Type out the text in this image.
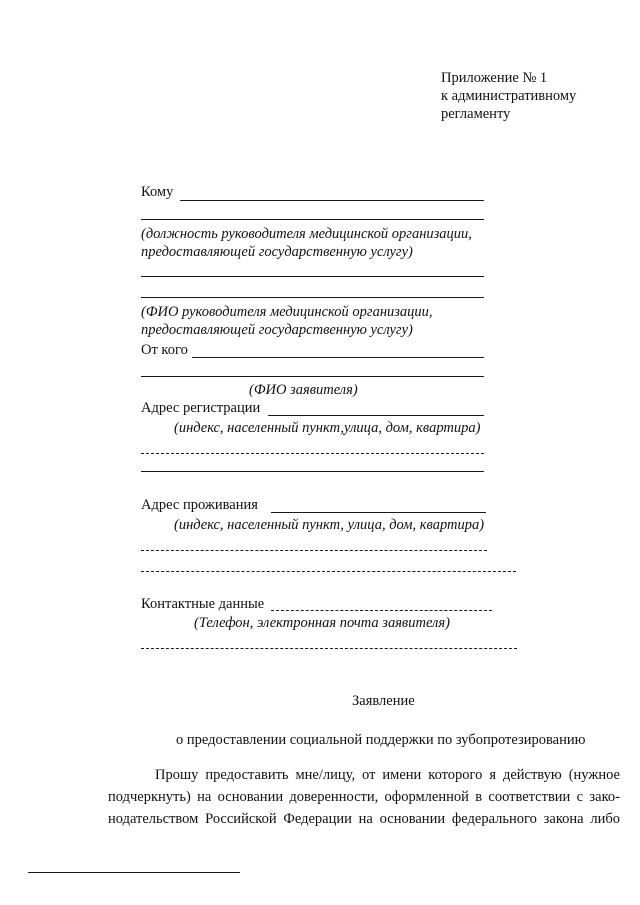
Приложение № 1
к административному
регламенту
Кому
(должность руководителя медицинской организации,
предоставляющей государственную услугу)
(ФИО руководителя медицинской организации,
предоставляющей государственную услугу)
От кого
(ФИО заявителя)
Адрес регистрации
(индекс, населенный пункт,улица, дом, квартира)
Адрес проживания
(индекс, населенный пункт, улица, дом, квартира)
Контактные данные
(Телефон, электронная почта заявителя)
Заявление
о предоставлении социальной поддержки по зубопротезированию
Прошу предоставить мне/лицу, от имени которого я действую (нужное
подчеркнуть) на основании доверенности, оформленной в соответствии с зако-
нодательством Российской Федерации на основании федерального закона либо
